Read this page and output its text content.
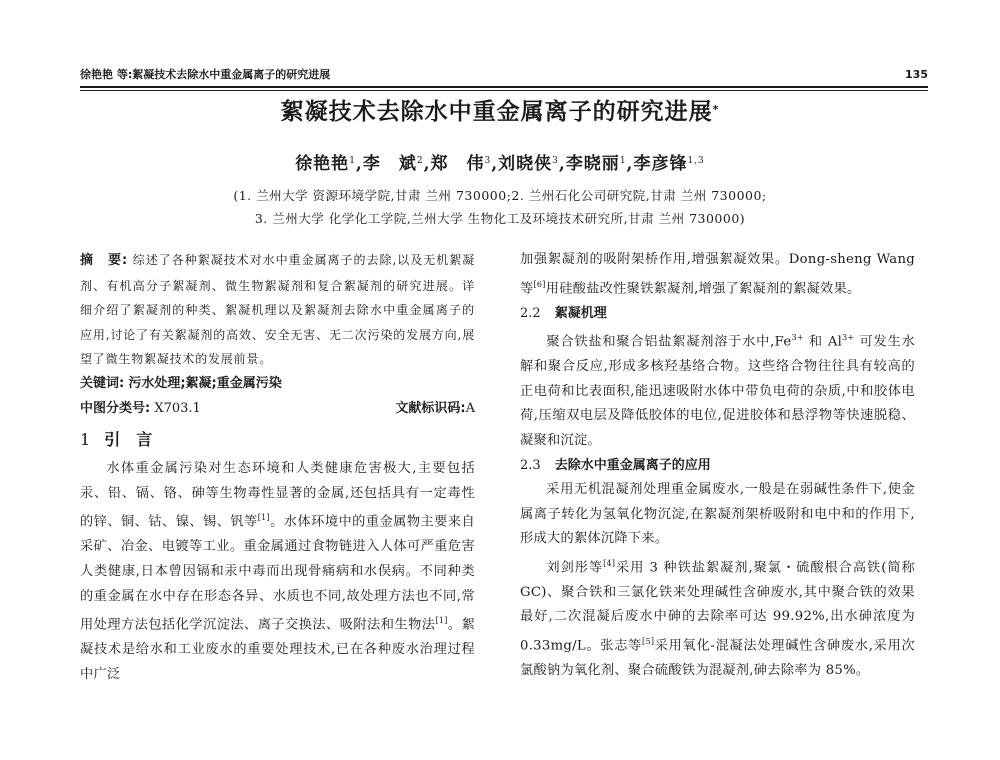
徐艳艳 等:絮凝技术去除水中重金属离子的研究进展	135
絮凝技术去除水中重金属离子的研究进展*
徐艳艳$^1$,李　斌$^2$,郑　伟$^3$,刘晓侠$^3$,李晓丽$^1$,李彦锋$^{1,3}$
(1. 兰州大学 资源环境学院,甘肃 兰州 730000;2. 兰州石化公司研究院,甘肃 兰州 730000;
3. 兰州大学 化学化工学院,兰州大学 生物化工及环境技术研究所,甘肃 兰州 730000)

摘　要: 综述了各种絮凝技术对水中重金属离子的去除,以及无机絮凝剂、有机高分子絮凝剂、微生物絮凝剂和复合絮凝剂的研究进展。详细介绍了絮凝剂的种类、絮凝机理以及絮凝剂去除水中重金属离子的应用,讨论了有关絮凝剂的高效、安全无害、无二次污染的发展方向,展望了微生物絮凝技术的发展前景。

关键词: 污水处理;絮凝;重金属污染

中图分类号: X703.1	文献标识码:A
1 引　言

水体重金属污染对生态环境和人类健康危害极大,主要包括汞、铅、镉、铬、砷等生物毒性显著的金属,还包括具有一定毒性的锌、铜、钴、镍、锡、钒等[1]。水体环境中的重金属物主要来自采矿、冶金、电镀等工业。重金属通过食物链进入人体可严重危害人类健康,日本曾因镉和汞中毒而出现骨痛病和水俣病。不同种类的重金属在水中存在形态各异、水质也不同,故处理方法也不同,常用处理方法包括化学沉淀法、离子交换法、吸附法和生物法[1]。絮凝技术是给水和工业废水的重要处理技术,已在各种废水治理过程中广泛

加强絮凝剂的吸附架桥作用,增强絮凝效果。Dong-sheng Wang 等[6]用硅酸盐改性聚铁絮凝剂,增强了絮凝剂的絮凝效果。

2.2 絮凝机理

聚合铁盐和聚合铝盐絮凝剂溶于水中$,Fe^{3+}$ 和 $Al^{3+}$ 可发生水解和聚合反应,形成多核羟基络合物。这些络合物往往具有较高的正电荷和比表面积,能迅速吸附水体中带负电荷的杂质,中和胶体电荷,压缩双电层及降低胶体的电位,促进胶体和悬浮物等快速脱稳、凝聚和沉淀。

2.3 去除水中重金属离子的应用

采用无机混凝剂处理重金属废水,一般是在弱碱性条件下,使金属离子转化为氢氧化物沉淀,在絮凝剂架桥吸附和电中和的作用下,形成大的絮体沉降下来。

刘剑彤等[4]采用 3 种铁盐絮凝剂,聚氯・硫酸根合高铁(简称 GC)、聚合铁和三氯化铁来处理碱性含砷废水,其中聚合铁的效果最好,二次混凝后废水中砷的去除率可达 99.92%,出水砷浓度为 0.33mg/L。张志等[5]采用氧化-混凝法处理碱性含砷废水,采用次氯酸钠为氧化剂、聚合硫酸铁为混凝剂,砷去除率为 85%。
